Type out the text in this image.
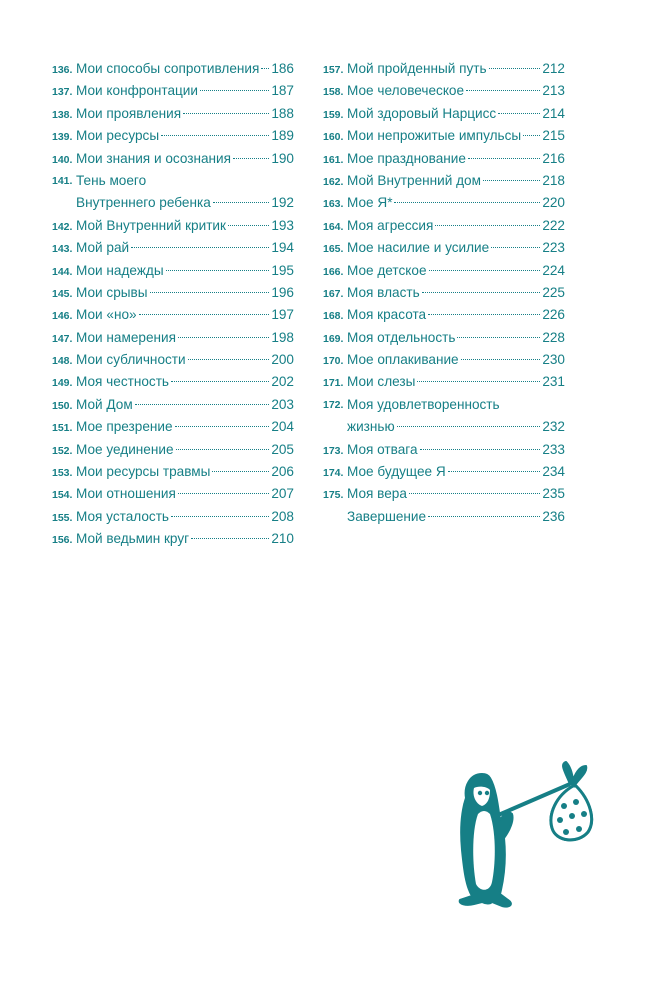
136. Мои способы сопротивления 186
137. Мои конфронтации	187
138. Мои проявления	188
139. Мои ресурсы	189
140. Мои знания и осознания	190
141. Тень моего
Внутреннего ребенка	192
142. Мой Внутренний критик	193
143. Мой рай	194
144. Мои надежды	195
145. Мои срывы	196
146. Мои «но»	197
147. Мои намерения	198
148. Мои субличности	200
149. Моя честность	202
150. Мой Дом	203
151. Мое презрение	204
152. Мое уединение	205
153. Мои ресурсы травмы	206
154. Мои отношения	207
155. Моя усталость	208
156. Мой ведьмин круг	210
157. Мой пройденный путь	212
158. Мое человеческое	213
159. Мой здоровый Нарцисс	214
160. Мои непрожитые импульсы 215
161. Мое празднование	216
162. Мой Внутренний дом	218
163. Мое Я*	220
164. Моя агрессия	222
165. Мое насилие и усилие	223
166. Мое детское	224
167. Моя власть	225
168. Моя красота	226
169. Моя отдельность	228
170. Мое оплакивание	230
171. Мои слезы	231
172. Моя удовлетворенность
жизнью	232
173. Моя отвага	233
174. Мое будущее Я	234
175. Моя вера	235
Завершение	236
